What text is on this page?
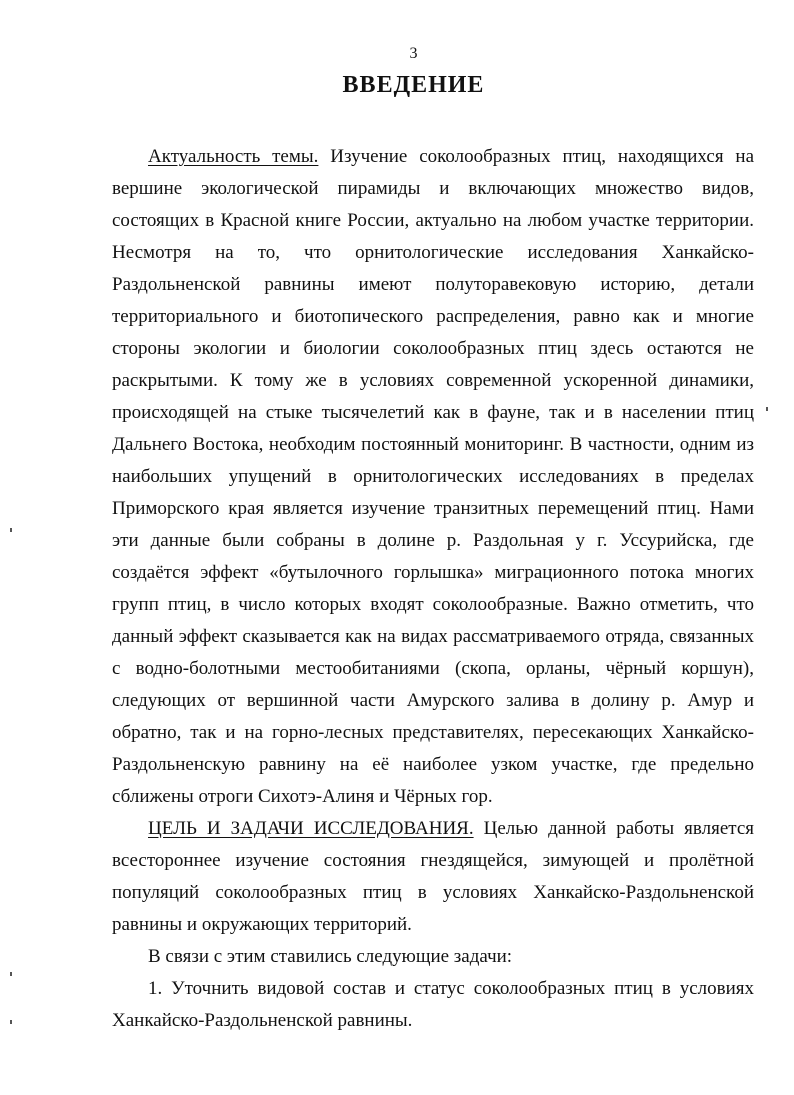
3
ВВЕДЕНИЕ

Актуальность темы. Изучение соколообразных птиц, находящихся на вершине экологической пирамиды и включающих множество видов, состоящих в Красной книге России, актуально на любом участке территории. Несмотря на то, что орнитологические исследования Ханкайско-Раздольненской равнины имеют полуторавековую историю, детали территориального и биотопического распределения, равно как и многие стороны экологии и биологии соколообразных птиц здесь остаются не раскрытыми. К тому же в условиях современной ускоренной динамики, происходящей на стыке тысячелетий как в фауне, так и в населении птиц Дальнего Востока, необходим постоянный мониторинг. В частности, одним из наибольших упущений в орнитологических исследованиях в пределах Приморского края является изучение транзитных перемещений птиц. Нами эти данные были собраны в долине р. Раздольная у г. Уссурийска, где создаётся эффект «бутылочного горлышка» миграционного потока многих групп птиц, в число которых входят соколообразные. Важно отметить, что данный эффект сказывается как на видах рассматриваемого отряда, связанных с водно-болотными местообитаниями (скопа, орланы, чёрный коршун), следующих от вершинной части Амурского залива в долину р. Амур и обратно, так и на горно-лесных представителях, пересекающих Ханкайско-Раздольненскую равнину на её наиболее узком участке, где предельно сближены отроги Сихотэ-Алиня и Чёрных гор.

ЦЕЛЬ И ЗАДАЧИ ИССЛЕДОВАНИЯ. Целью данной работы является всестороннее изучение состояния гнездящейся, зимующей и пролётной популяций соколообразных птиц в условиях Ханкайско-Раздольненской равнины и окружающих территорий.

В связи с этим ставились следующие задачи:

1. Уточнить видовой состав и статус соколообразных птиц в условиях Ханкайско-Раздольненской равнины.
